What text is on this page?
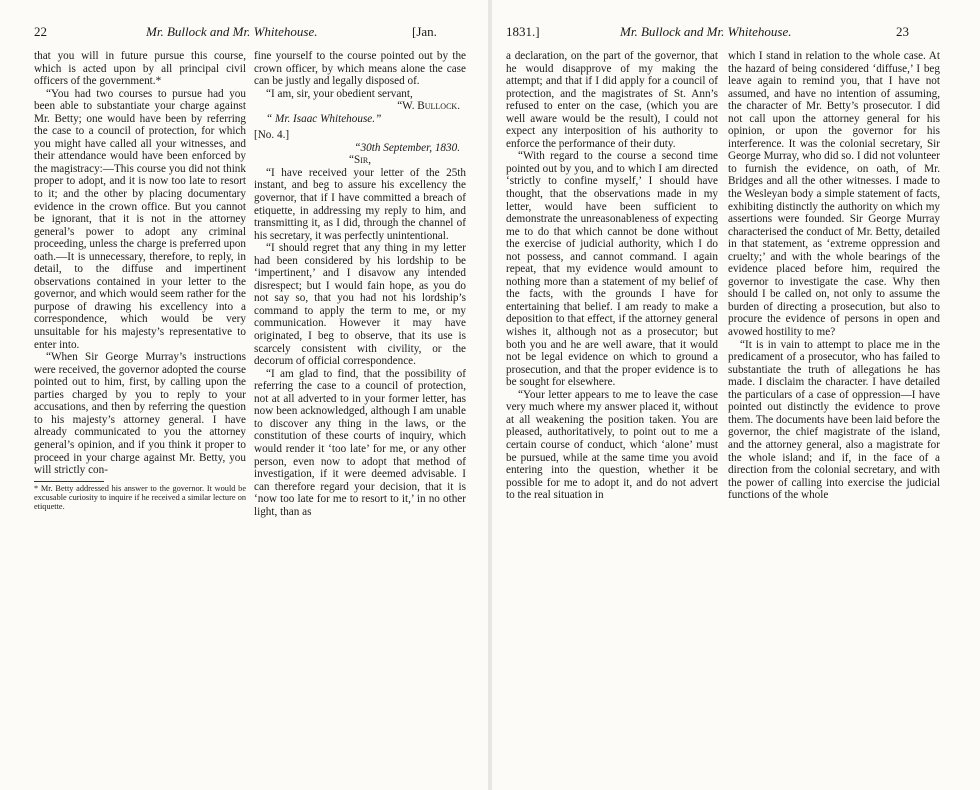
22	Mr. Bullock and Mr. Whitehouse.	[Jan.

that you will in future pursue this course, which is acted upon by all principal civil officers of the government.*

“You had two courses to pursue had you been able to substantiate your charge against Mr. Betty; one would have been by referring the case to a council of protection, for which you might have called all your witnesses, and their attendance would have been enforced by the magistracy:—This course you did not think proper to adopt, and it is now too late to resort to it; and the other by placing documentary evidence in the crown office. But you cannot be ignorant, that it is not in the attorney general’s power to adopt any criminal proceeding, unless the charge is preferred upon oath.—It is unnecessary, therefore, to reply, in detail, to the diffuse and impertinent observations contained in your letter to the governor, and which would seem rather for the purpose of drawing his excellency into a correspondence, which would be very unsuitable for his majesty’s representative to enter into.

“When Sir George Murray’s instructions were received, the governor adopted the course pointed out to him, first, by calling upon the parties charged by you to reply to your accusations, and then by referring the question to his majesty’s attorney general. I have already communicated to you the attorney general’s opinion, and if you think it proper to proceed in your charge against Mr. Betty, you will strictly con-

* Mr. Betty addressed his answer to the governor. It would be excusable curiosity to inquire if he received a similar lecture on etiquette.

fine yourself to the course pointed out by the crown officer, by which means alone the case can be justly and legally disposed of.

“I am, sir, your obedient servant,

“W. Bullock.

“ Mr. Isaac Whitehouse.”

[No. 4.]

“30th September, 1830.

“Sir,

“I have received your letter of the 25th instant, and beg to assure his excellency the governor, that if I have committed a breach of etiquette, in addressing my reply to him, and transmitting it, as I did, through the channel of his secretary, it was perfectly unintentional.

“I should regret that any thing in my letter had been considered by his lordship to be ‘impertinent,’ and I disavow any intended disrespect; but I would fain hope, as you do not say so, that you had not his lordship’s command to apply the term to me, or my communication. However it may have originated, I beg to observe, that its use is scarcely consistent with civility, or the decorum of official correspondence.

“I am glad to find, that the possibility of referring the case to a council of protection, not at all adverted to in your former letter, has now been acknowledged, although I am unable to discover any thing in the laws, or the constitution of these courts of inquiry, which would render it ‘too late’ for me, or any other person, even now to adopt that method of investigation, if it were deemed advisable. I can therefore regard your decision, that it is ‘now too late for me to resort to it,’ in no other light, than as

1831.]	Mr. Bullock and Mr. Whitehouse.	23

a declaration, on the part of the governor, that he would disapprove of my making the attempt; and that if I did apply for a council of protection, and the magistrates of St. Ann’s refused to enter on the case, (which you are well aware would be the result), I could not expect any interposition of his authority to enforce the performance of their duty.

“With regard to the course a second time pointed out by you, and to which I am directed ‘strictly to confine myself,’ I should have thought, that the observations made in my letter, would have been sufficient to demonstrate the unreasonableness of expecting me to do that which cannot be done without the exercise of judicial authority, which I do not possess, and cannot command. I again repeat, that my evidence would amount to nothing more than a statement of my belief of the facts, with the grounds I have for entertaining that belief. I am ready to make a deposition to that effect, if the attorney general wishes it, although not as a prosecutor; but both you and he are well aware, that it would not be legal evidence on which to ground a prosecution, and that the proper evidence is to be sought for elsewhere.

“Your letter appears to me to leave the case very much where my answer placed it, without at all weakening the position taken. You are pleased, authoritatively, to point out to me a certain course of conduct, which ‘alone’ must be pursued, while at the same time you avoid entering into the question, whether it be possible for me to adopt it, and do not advert to the real situation in

which I stand in relation to the whole case. At the hazard of being considered ‘diffuse,’ I beg leave again to remind you, that I have not assumed, and have no intention of assuming, the character of Mr. Betty’s prosecutor. I did not call upon the attorney general for his opinion, or upon the governor for his interference. It was the colonial secretary, Sir George Murray, who did so. I did not volunteer to furnish the evidence, on oath, of Mr. Bridges and all the other witnesses. I made to the Wesleyan body a simple statement of facts, exhibiting distinctly the authority on which my assertions were founded. Sir George Murray characterised the conduct of Mr. Betty, detailed in that statement, as ‘extreme oppression and cruelty;’ and with the whole bearings of the evidence placed before him, required the governor to investigate the case. Why then should I be called on, not only to assume the burden of directing a prosecution, but also to procure the evidence of persons in open and avowed hostility to me?

“It is in vain to attempt to place me in the predicament of a prosecutor, who has failed to substantiate the truth of allegations he has made. I disclaim the character. I have detailed the particulars of a case of oppression—I have pointed out distinctly the evidence to prove them. The documents have been laid before the governor, the chief magistrate of the island, and the attorney general, also a magistrate for the whole island; and if, in the face of a direction from the colonial secretary, and with the power of calling into exercise the judicial functions of the whole
